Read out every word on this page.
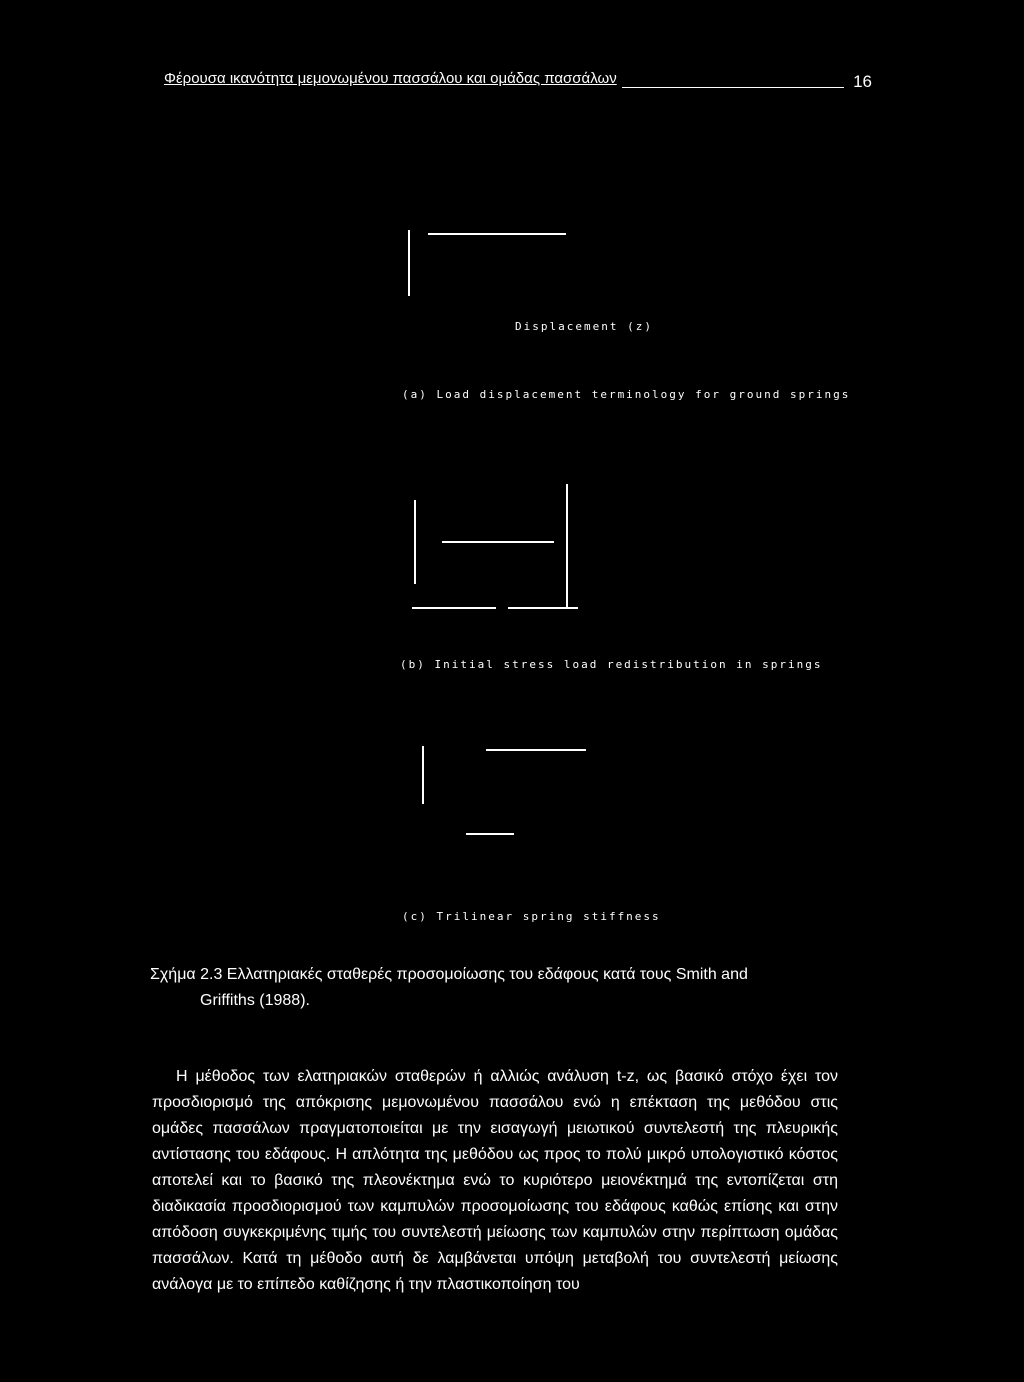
Φέρουσα ικανότητα μεμονωμένου πασσάλου και ομάδας πασσάλων	16
Displacement (z)
(a) Load displacement terminology for ground springs
(b) Initial stress load redistribution in springs
(c) Trilinear spring stiffness
Σχήμα 2.3 Ελλατηριακές σταθερές προσομοίωσης του εδάφους κατά τους Smith and
Griffiths (1988).
Η μέθοδος των ελατηριακών σταθερών ή αλλιώς ανάλυση t-z, ως βασικό στόχο έχει τον προσδιορισμό της απόκρισης μεμονωμένου πασσάλου ενώ η επέκταση της μεθόδου στις ομάδες πασσάλων πραγματοποιείται με την εισαγωγή μειωτικού συντελεστή της πλευρικής αντίστασης του εδάφους. Η απλότητα της μεθόδου ως προς το πολύ μικρό υπολογιστικό κόστος αποτελεί και το βασικό της πλεονέκτημα ενώ το κυριότερο μειονέκτημά της εντοπίζεται στη διαδικασία προσδιορισμού των καμπυλών προσομοίωσης του εδάφους καθώς επίσης και στην απόδοση συγκεκριμένης τιμής του συντελεστή μείωσης των καμπυλών στην περίπτωση ομάδας πασσάλων. Κατά τη μέθοδο αυτή δε λαμβάνεται υπόψη μεταβολή του συντελεστή μείωσης ανάλογα με το επίπεδο καθίζησης ή την πλαστικοποίηση του
